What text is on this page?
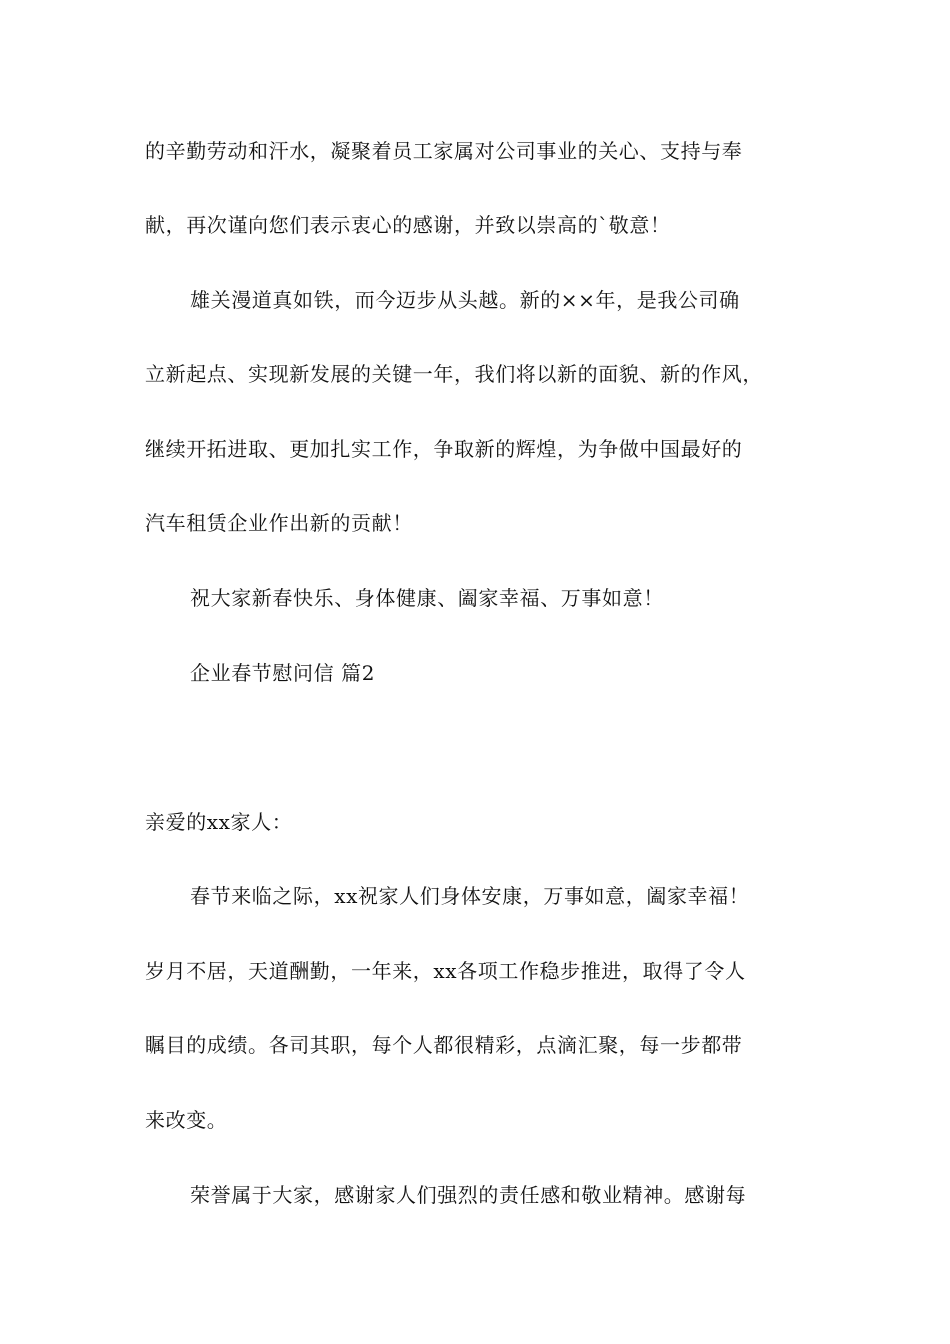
的辛勤劳动和汗水，凝聚着员工家属对公司事业的关心、支持与奉
献，再次谨向您们表示衷心的感谢，并致以崇高的`敬意！
雄关漫道真如铁，而今迈步从头越。新的××年，是我公司确
立新起点、实现新发展的关键一年，我们将以新的面貌、新的作风，
继续开拓进取、更加扎实工作，争取新的辉煌，为争做中国最好的
汽车租赁企业作出新的贡献！
祝大家新春快乐、身体健康、阖家幸福、万事如意！
企业春节慰问信 篇2
亲爱的xx家人：
春节来临之际，xx祝家人们身体安康，万事如意，阖家幸福！
岁月不居，天道酬勤，一年来，xx各项工作稳步推进，取得了令人
瞩目的成绩。各司其职，每个人都很精彩，点滴汇聚，每一步都带
来改变。
荣誉属于大家，感谢家人们强烈的责任感和敬业精神。感谢每
